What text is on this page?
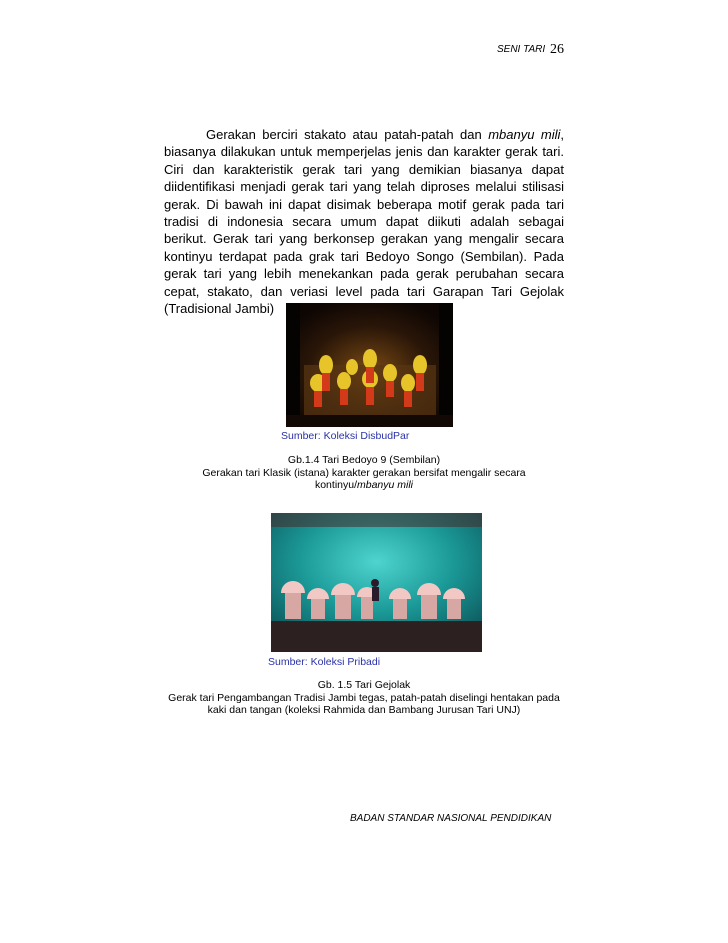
SENI TARI 26
Gerakan berciri stakato atau patah-patah dan mbanyu mili, biasanya dilakukan untuk memperjelas jenis dan karakter gerak tari. Ciri dan karakteristik gerak tari yang demikian biasanya dapat diidentifikasi menjadi gerak tari yang telah diproses melalui stilisasi gerak. Di bawah ini dapat disimak beberapa motif gerak pada tari tradisi di indonesia secara umum dapat diikuti adalah sebagai berikut. Gerak tari yang berkonsep gerakan yang mengalir secara kontinyu terdapat pada grak tari Bedoyo Songo (Sembilan). Pada gerak tari yang lebih menekankan pada gerak perubahan secara cepat, stakato, dan veriasi level pada tari Garapan Tari Gejolak (Tradisional Jambi)
Sumber: Koleksi DisbudPar
Gb.1.4 Tari Bedoyo 9 (Sembilan)
Gerakan tari Klasik (istana) karakter gerakan bersifat mengalir secara kontinyu/mbanyu mili
Sumber: Koleksi Pribadi
Gb. 1.5 Tari Gejolak
Gerak tari Pengambangan Tradisi Jambi tegas, patah-patah diselingi hentakan pada kaki dan tangan (koleksi Rahmida dan Bambang Jurusan Tari UNJ)
BADAN STANDAR NASIONAL PENDIDIKAN
